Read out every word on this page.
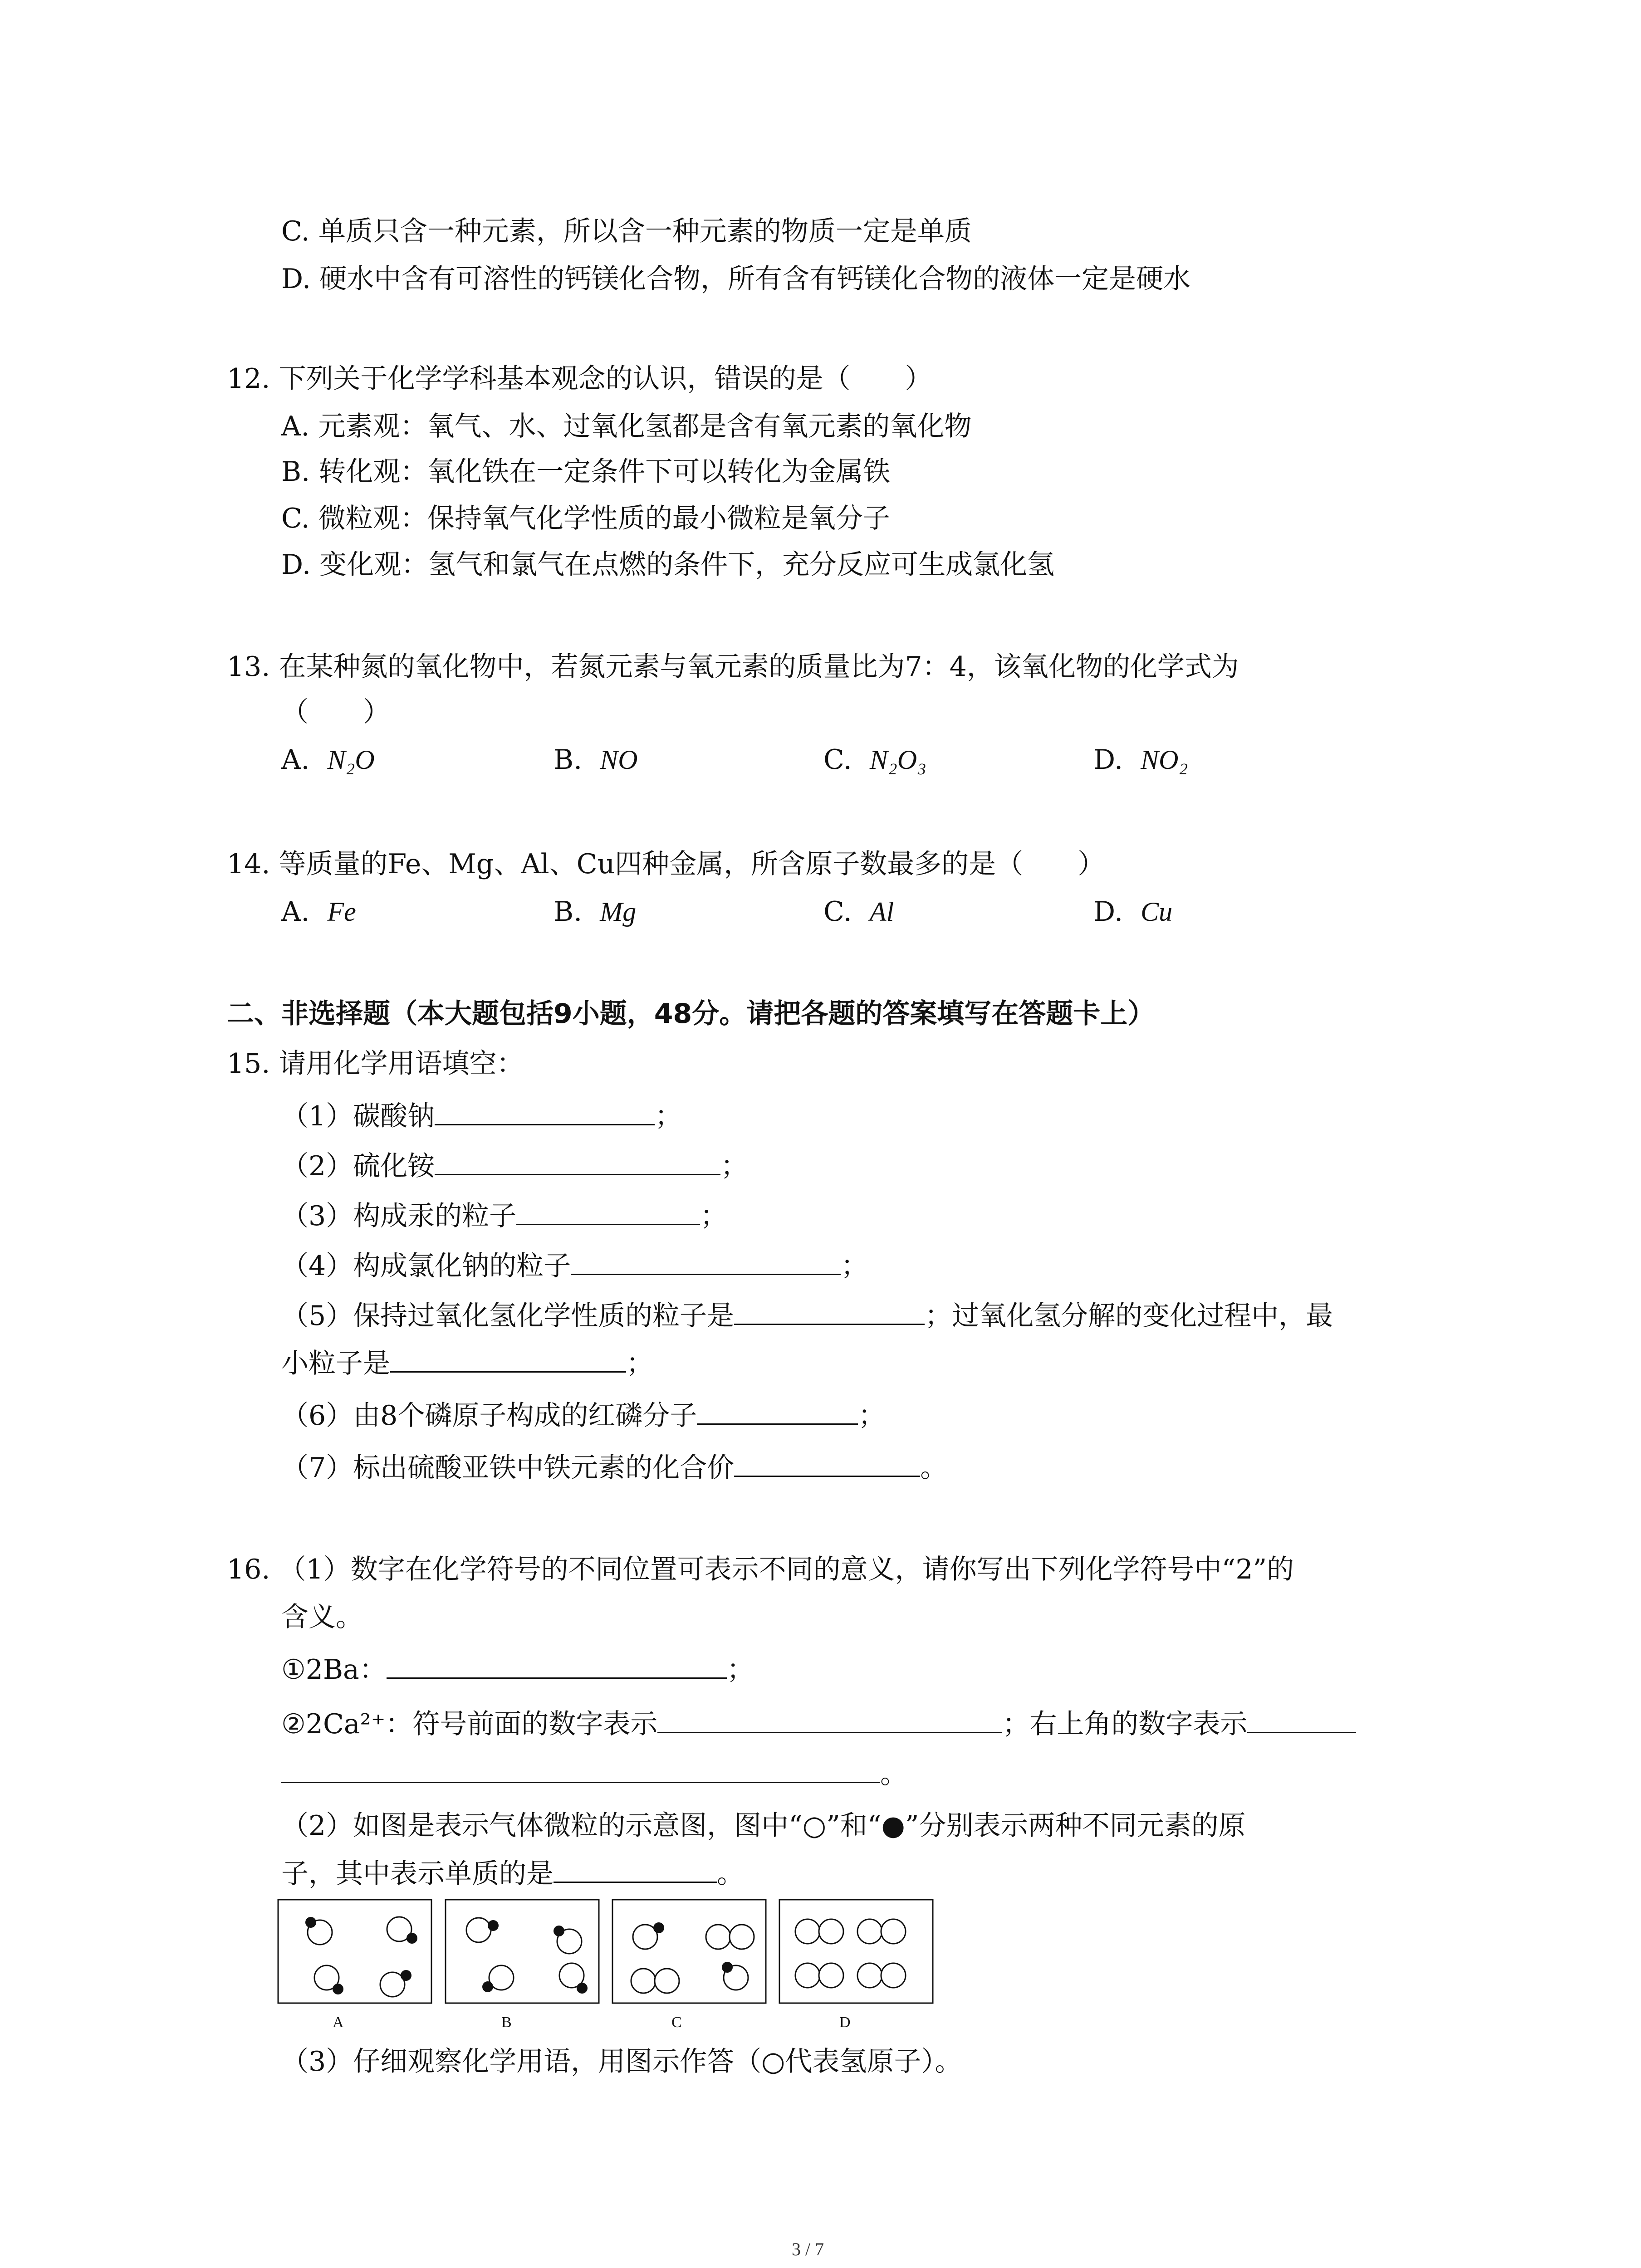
C. 单质只含一种元素，所以含一种元素的物质一定是单质
D. 硬水中含有可溶性的钙镁化合物，所有含有钙镁化合物的液体一定是硬水
12. 下列关于化学学科基本观念的认识，错误的是（　　）
A. 元素观：氧气、水、过氧化氢都是含有氧元素的氧化物
B. 转化观：氧化铁在一定条件下可以转化为金属铁
C. 微粒观：保持氧气化学性质的最小微粒是氧分子
D. 变化观：氢气和氯气在点燃的条件下，充分反应可生成氯化氢
13. 在某种氮的氧化物中，若氮元素与氧元素的质量比为7：4，该氧化物的化学式为
（　　）
A. N₂O	B. NO	C. N₂O₃	D. NO₂
14. 等质量的Fe、Mg、Al、Cu四种金属，所含原子数最多的是（　　）
A. Fe	B. Mg	C. Al	D. Cu
二、非选择题（本大题包括9小题，48分。请把各题的答案填写在答题卡上）
15. 请用化学用语填空：
（1）碳酸钠	；
（2）硫化铵	；
（3）构成汞的粒子	；
（4）构成氯化钠的粒子	；
（5）保持过氧化氢化学性质的粒子是	；过氧化氢分解的变化过程中，最
小粒子是	；
（6）由8个磷原子构成的红磷分子	；
（7）标出硫酸亚铁中铁元素的化合价	。
16. （1）数字在化学符号的不同位置可表示不同的意义，请你写出下列化学符号中“2”的
含义。
①2Ba：	；
②2Ca²⁺：符号前面的数字表示	；右上角的数字表示
。
（2）如图是表示气体微粒的示意图，图中“○”和“●”分别表示两种不同元素的原
子，其中表示单质的是	。
A	B	C	D
（3）仔细观察化学用语，用图示作答（○代表氢原子）。
3 / 7
